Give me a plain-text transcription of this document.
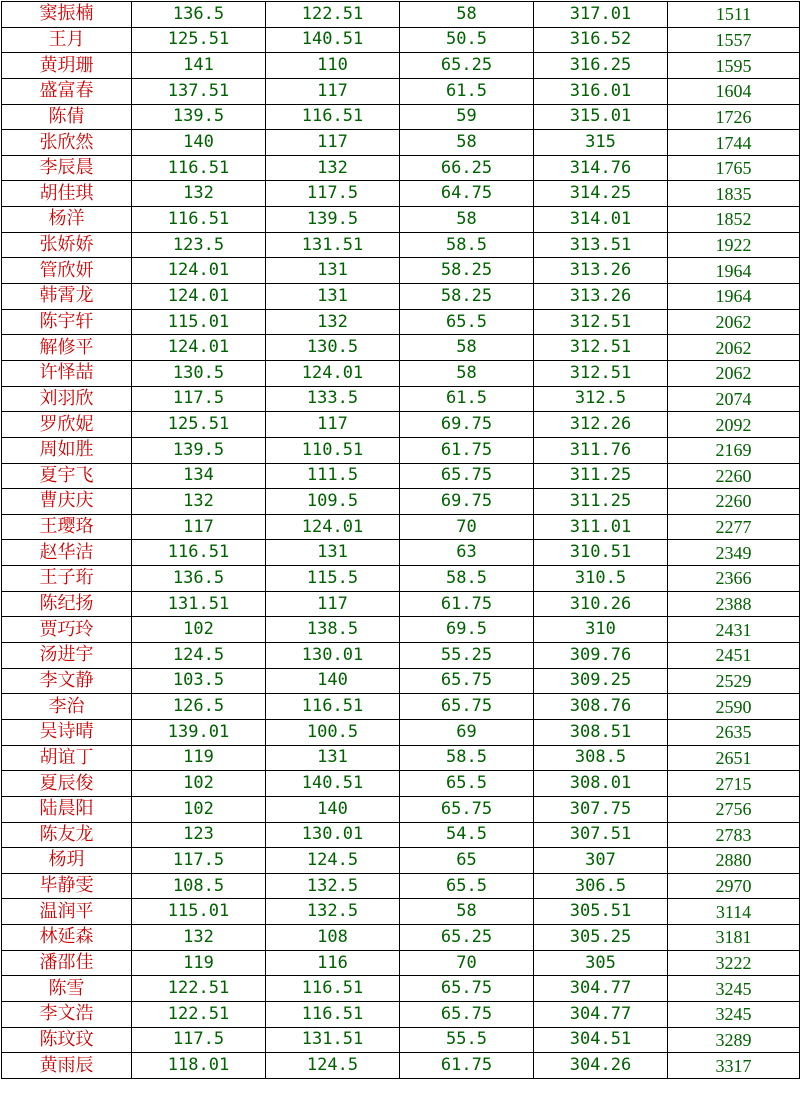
窦振楠	136.5	122.51	58	317.01	1511
王月	125.51	140.51	50.5	316.52	1557
黄玥珊	141	110	65.25	316.25	1595
盛富春	137.51	117	61.5	316.01	1604
陈倩	139.5	116.51	59	315.01	1726
张欣然	140	117	58	315	1744
李辰晨	116.51	132	66.25	314.76	1765
胡佳琪	132	117.5	64.75	314.25	1835
杨洋	116.51	139.5	58	314.01	1852
张娇娇	123.5	131.51	58.5	313.51	1922
管欣妍	124.01	131	58.25	313.26	1964
韩霄龙	124.01	131	58.25	313.26	1964
陈宇轩	115.01	132	65.5	312.51	2062
解修平	124.01	130.5	58	312.51	2062
许怿喆	130.5	124.01	58	312.51	2062
刘羽欣	117.5	133.5	61.5	312.5	2074
罗欣妮	125.51	117	69.75	312.26	2092
周如胜	139.5	110.51	61.75	311.76	2169
夏宇飞	134	111.5	65.75	311.25	2260
曹庆庆	132	109.5	69.75	311.25	2260
王璎珞	117	124.01	70	311.01	2277
赵华洁	116.51	131	63	310.51	2349
王子珩	136.5	115.5	58.5	310.5	2366
陈纪扬	131.51	117	61.75	310.26	2388
贾巧玲	102	138.5	69.5	310	2431
汤进宇	124.5	130.01	55.25	309.76	2451
李文静	103.5	140	65.75	309.25	2529
李治	126.5	116.51	65.75	308.76	2590
吴诗晴	139.01	100.5	69	308.51	2635
胡谊丁	119	131	58.5	308.5	2651
夏辰俊	102	140.51	65.5	308.01	2715
陆晨阳	102	140	65.75	307.75	2756
陈友龙	123	130.01	54.5	307.51	2783
杨玥	117.5	124.5	65	307	2880
毕静雯	108.5	132.5	65.5	306.5	2970
温润平	115.01	132.5	58	305.51	3114
林延森	132	108	65.25	305.25	3181
潘邵佳	119	116	70	305	3222
陈雪	122.51	116.51	65.75	304.77	3245
李文浩	122.51	116.51	65.75	304.77	3245
陈玟玟	117.5	131.51	55.5	304.51	3289
黄雨辰	118.01	124.5	61.75	304.26	3317
